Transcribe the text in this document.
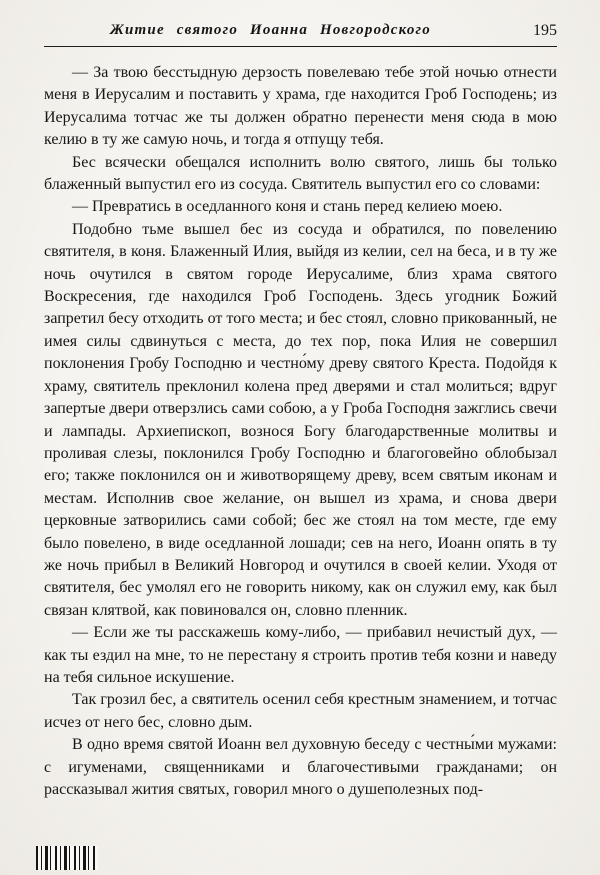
Житие святого Иоанна Новгородского	195

— За твою бесстыдную дерзость повелеваю тебе этой ночью отнести меня в Иерусалим и поставить у храма, где находится Гроб Господень; из Иерусалима тотчас же ты должен обратно перенести меня сюда в мою келию в ту же самую ночь, и тогда я отпущу тебя.

Бес всячески обещался исполнить волю святого, лишь бы только блаженный выпустил его из сосуда. Святитель выпустил его со словами:

— Превратись в оседланного коня и стань перед келиею моею.

Подобно тьме вышел бес из сосуда и обратился, по повелению святителя, в коня. Блаженный Илия, выйдя из келии, сел на беса, и в ту же ночь очутился в святом городе Иерусалиме, близ храма святого Воскресения, где находился Гроб Господень. Здесь угодник Божий запретил бесу отходить от того места; и бес стоял, словно прикованный, не имея силы сдвинуться с места, до тех пор, пока Илия не совершил поклонения Гробу Господню и честно́му древу святого Креста. Подойдя к храму, святитель преклонил колена пред дверями и стал молиться; вдруг запертые двери отверзлись сами собою, а у Гроба Господня зажглись свечи и лампады. Архиепископ, вознося Богу благодарственные молитвы и проливая слезы, поклонился Гробу Господню и благоговейно облобызал его; также поклонился он и животворящему древу, всем святым иконам и местам. Исполнив свое желание, он вышел из храма, и снова двери церковные затворились сами собой; бес же стоял на том месте, где ему было повелено, в виде оседланной лошади; сев на него, Иоанн опять в ту же ночь прибыл в Великий Новгород и очутился в своей келии. Уходя от святителя, бес умолял его не говорить никому, как он служил ему, как был связан клятвой, как повиновался он, словно пленник.

— Если же ты расскажешь кому-либо, — прибавил нечистый дух, — как ты ездил на мне, то не перестану я строить против тебя козни и наведу на тебя сильное искушение.

Так грозил бес, а святитель осенил себя крестным знамением, и тотчас исчез от него бес, словно дым.

В одно время святой Иоанн вел духовную беседу с честны́ми мужами: с игуменами, священниками и благочестивыми гражданами; он рассказывал жития святых, говорил много о душеполезных под-
